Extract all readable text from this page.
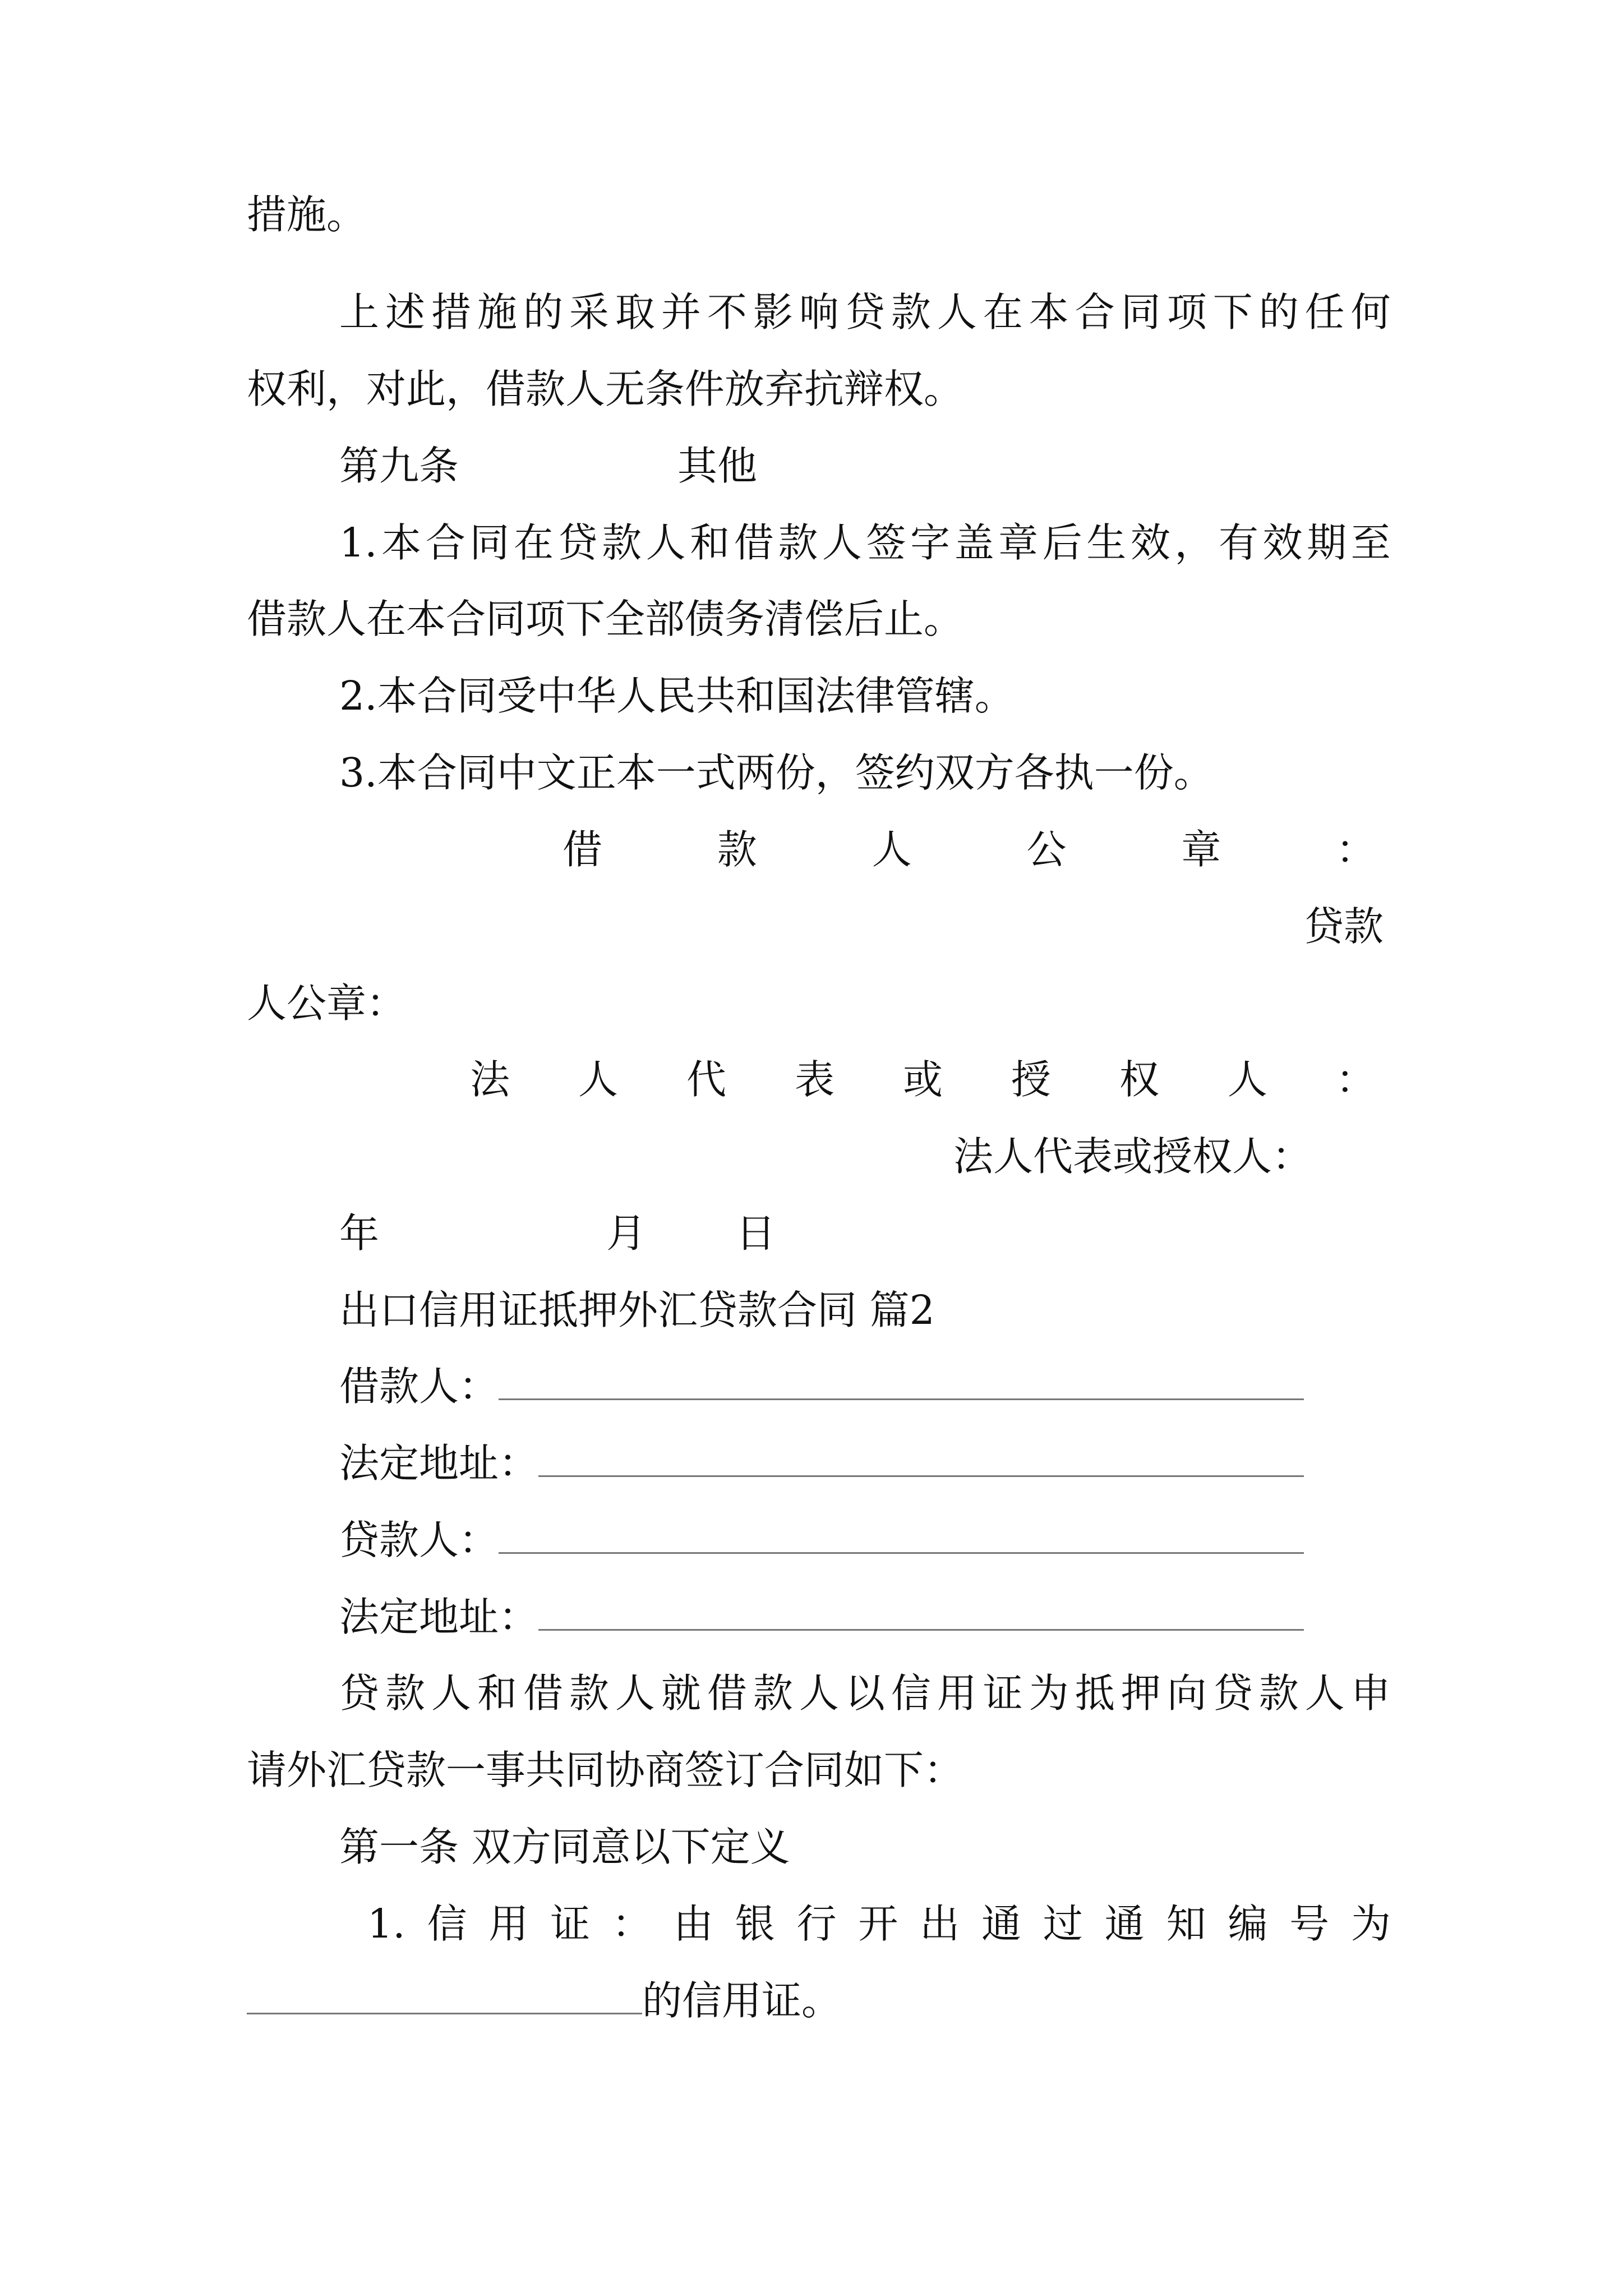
措施。
上 述 措 施 的 采 取 并 不 影 响 贷 款 人 在 本 合 同 项 下 的 任 何
权利，对此，借款人无条件放弃抗辩权。
第九条	其他
1. 本 合 同 在 贷 款 人 和 借 款 人 签 字 盖 章 后 生 效 ， 有 效 期 至
借款人在本合同项下全部债务清偿后止。
2.本合同受中华人民共和国法律管辖。
3.本合同中文正本一式两份，签约双方各执一份。
借	款	人	公	章	：
贷款
人公章：
法 人 代 表 或 授 权 人 ：
法人代表或授权人：
年	月 日
出口信用证抵押外汇贷款合同 篇2
借款人：
法定地址：
贷款人：
法定地址：
贷 款 人 和 借 款 人 就 借 款 人 以 信 用 证 为 抵 押 向 贷 款 人 申
请外汇贷款一事共同协商签订合同如下：
第一条 双方同意以下定义
1. 信 用 证 ： 由 银 行 开 出 通 过 通 知 编 号 为
的信用证。
